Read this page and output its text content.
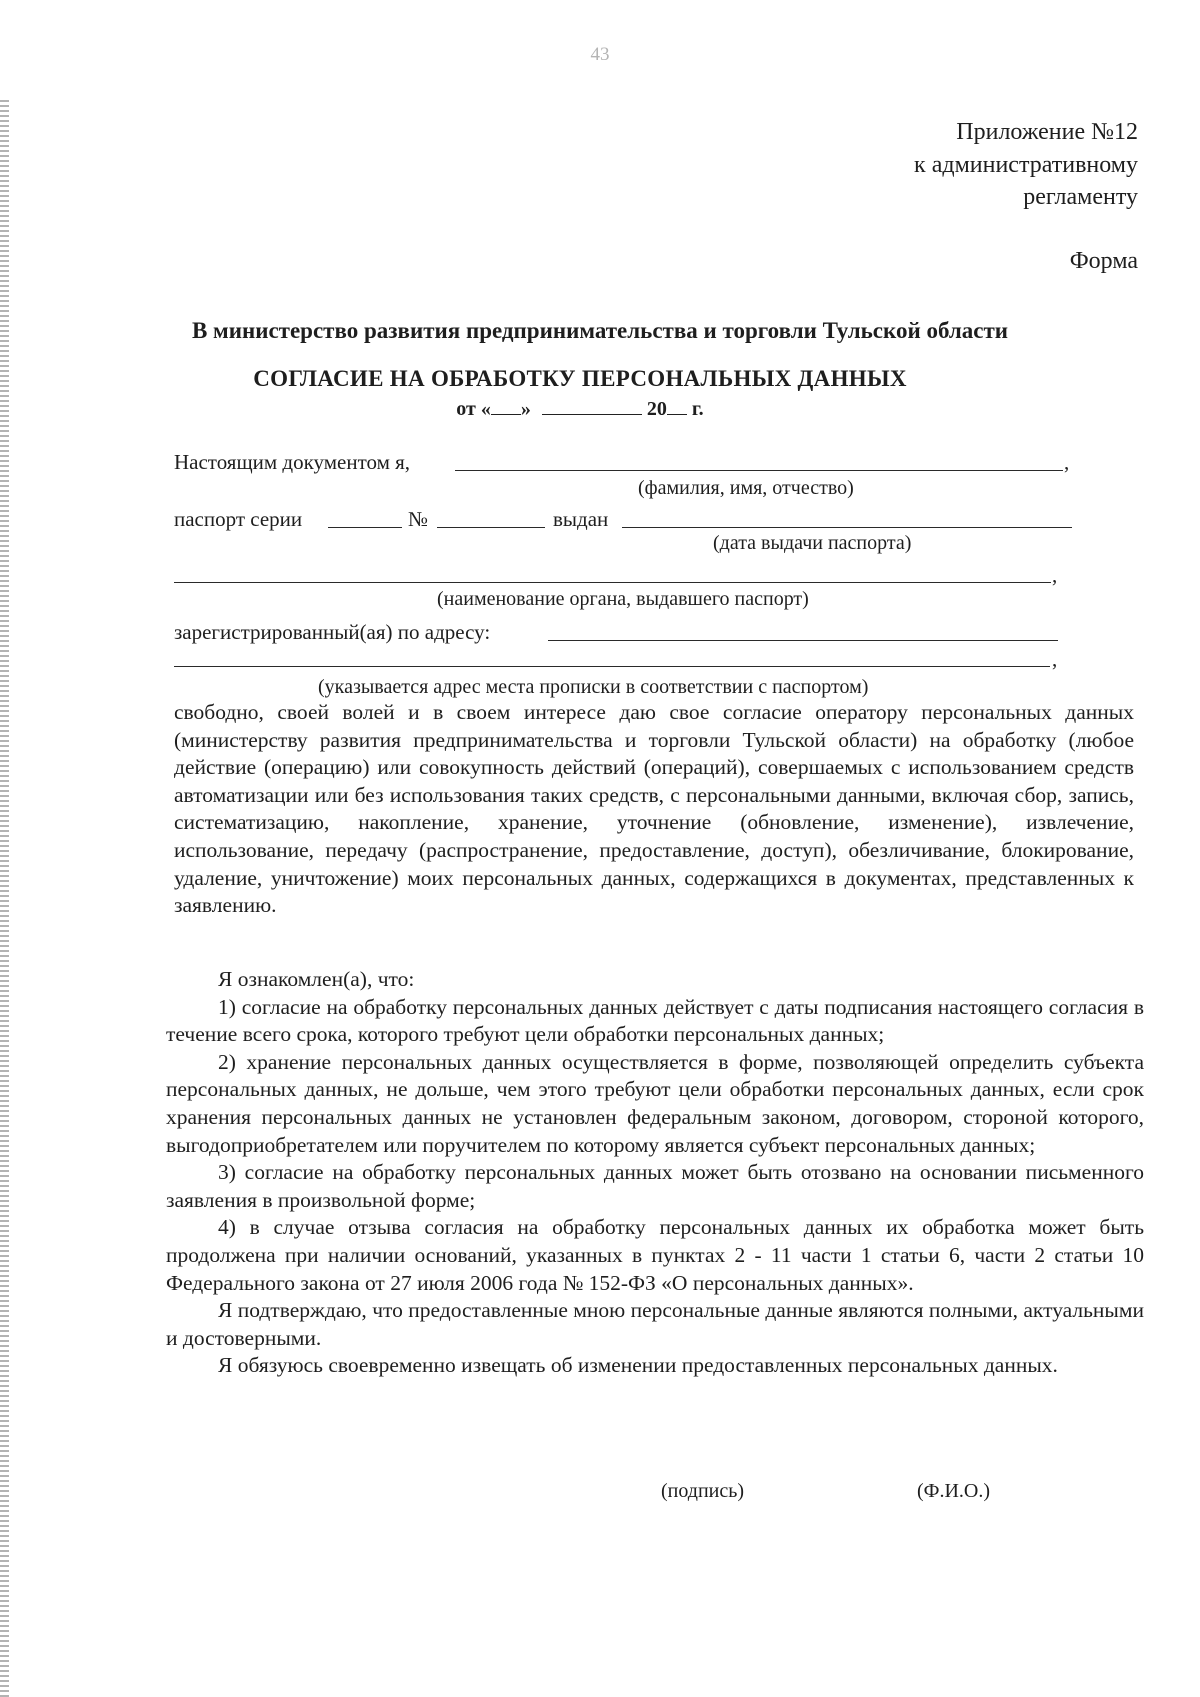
43
Приложение №12
к административному
регламенту
Форма
В министерство развития предпринимательства и торговли Тульской области
СОГЛАСИЕ НА ОБРАБОТКУ ПЕРСОНАЛЬНЫХ ДАННЫХ
от « »	20 г.
Настоящим документом я,	,
(фамилия, имя, отчество)
паспорт серии	№	выдан
(дата выдачи паспорта)
,
(наименование органа, выдавшего паспорт)
зарегистрированный(ая) по адресу:
,
(указывается адрес места прописки в соответствии с паспортом)

свободно, своей волей и в своем интересе даю свое согласие оператору персональных данных (министерству развития предпринимательства и торговли Тульской области) на обработку (любое действие (операцию) или совокупность действий (операций), совершаемых с использованием средств автоматизации или без использования таких средств, с персональными данными, включая сбор, запись, систематизацию, накопление, хранение, уточнение (обновление, изменение), извлечение, использование, передачу (распространение, предоставление, доступ), обезличивание, блокирование, удаление, уничтожение) моих персональных данных, содержащихся в документах, представленных к заявлению.

Я ознакомлен(а), что:

1) согласие на обработку персональных данных действует с даты подписания настоящего согласия в течение всего срока, которого требуют цели обработки персональных данных;

2) хранение персональных данных осуществляется в форме, позволяющей определить субъекта персональных данных, не дольше, чем этого требуют цели обработки персональных данных, если срок хранения персональных данных не установлен федеральным законом, договором, стороной которого, выгодоприобретателем или поручителем по которому является субъект персональных данных;

3) согласие на обработку персональных данных может быть отозвано на основании письменного заявления в произвольной форме;

4) в случае отзыва согласия на обработку персональных данных их обработка может быть продолжена при наличии оснований, указанных в пунктах 2 - 11 части 1 статьи 6, части 2 статьи 10 Федерального закона от 27 июля 2006 года № 152-ФЗ «О персональных данных».

Я подтверждаю, что предоставленные мною персональные данные являются полными, актуальными и достоверными.

Я обязуюсь своевременно извещать об изменении предоставленных персональных данных.

(подпись)	(Ф.И.О.)
